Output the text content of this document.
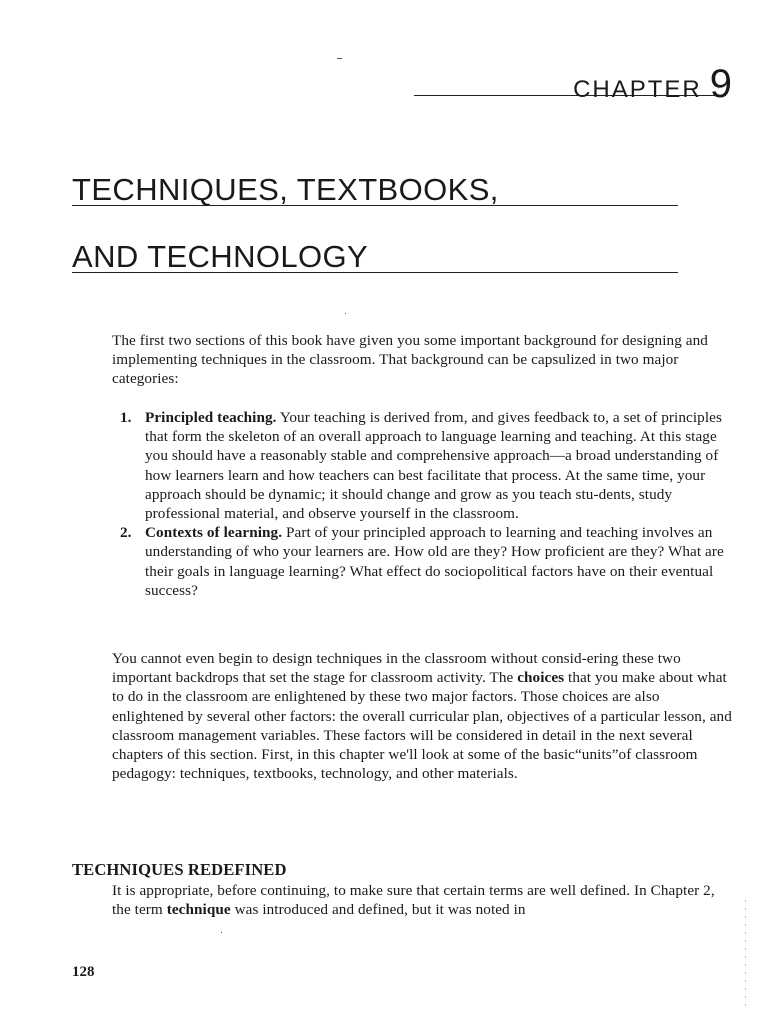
CHAPTER 9
TECHNIQUES, TEXTBOOKS,
AND TECHNOLOGY

The first two sections of this book have given you some important background for designing and implementing techniques in the classroom. That background can be capsulized in two major categories:

1. Principled teaching. Your teaching is derived from, and gives feedback to, a set of principles that form the skeleton of an overall approach to language learning and teaching. At this stage you should have a reasonably stable and comprehensive approach—a broad understanding of how learners learn and how teachers can best facilitate that process. At the same time, your approach should be dynamic; it should change and grow as you teach stu-dents, study professional material, and observe yourself in the classroom.
2. Contexts of learning. Part of your principled approach to learning and teaching involves an understanding of who your learners are. How old are they? How proficient are they? What are their goals in language learning? What effect do sociopolitical factors have on their eventual success?

You cannot even begin to design techniques in the classroom without consid-ering these two important backdrops that set the stage for classroom activity. The choices that you make about what to do in the classroom are enlightened by these two major factors. Those choices are also enlightened by several other factors: the overall curricular plan, objectives of a particular lesson, and classroom management variables. These factors will be considered in detail in the next several chapters of this section. First, in this chapter we'll look at some of the basic“units”of classroom pedagogy: techniques, textbooks, technology, and other materials.

TECHNIQUES REDEFINED

It is appropriate, before continuing, to make sure that certain terms are well defined. In Chapter 2, the term technique was introduced and defined, but it was noted in

128
